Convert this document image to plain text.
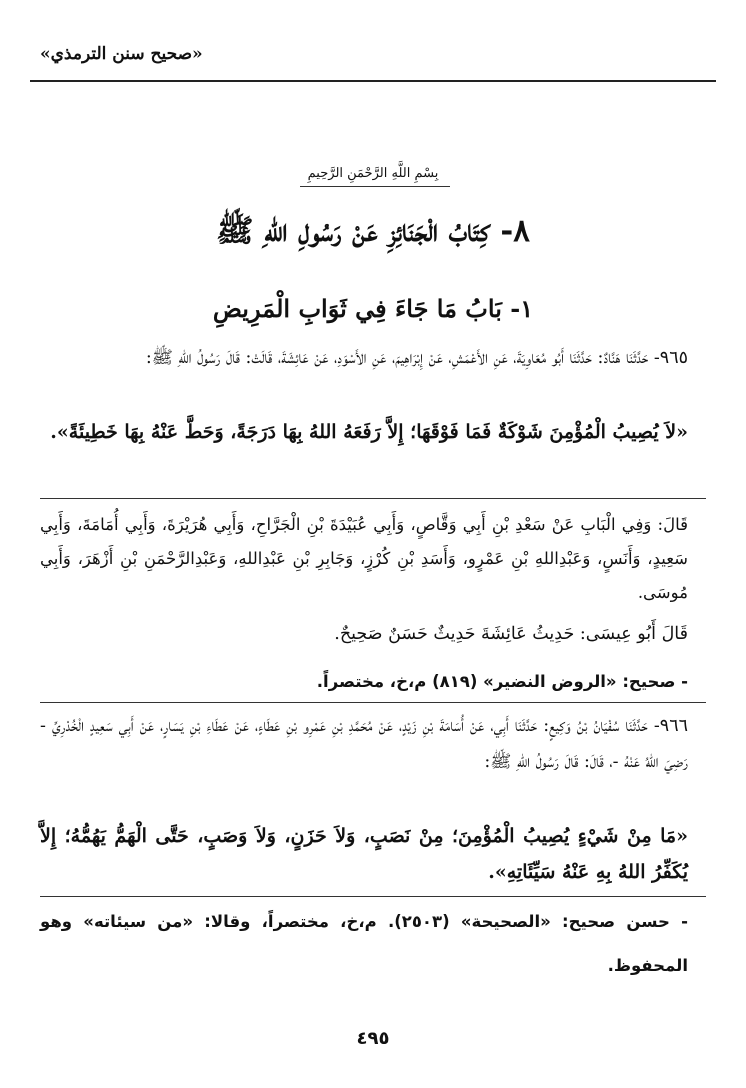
«صحيح سنن الترمذي»
بِسْمِ اللَّهِ الرَّحْمَنِ الرَّحِيمِ
٨- كِتَابُ الْجَنَائِزِ عَنْ رَسُولِ اللهِ ﷺ
١- بَابُ مَا جَاءَ فِي ثَوَابِ الْمَرِيضِ
٩٦٥- حَدَّثَنَا هَنَّادٌ: حَدَّثَنَا أَبُو مُعَاوِيَةَ، عَنِ الأَعْمَشِ، عَنْ إِبْرَاهِيمَ، عَنِ الأَسْوَدِ، عَنْ عَائِشَةَ، قَالَتْ: قَالَ رَسُولُ اللهِ ﷺ:
«لاَ يُصِيبُ الْمُؤْمِنَ شَوْكَةٌ فَمَا فَوْقَهَا؛ إِلاَّ رَفَعَهُ اللهُ بِهَا دَرَجَةً، وَحَطَّ عَنْهُ بِهَا خَطِيئَةً».
قَالَ: وَفِي الْبَابِ عَنْ سَعْدِ بْنِ أَبِي وَقَّاصٍ، وَأَبِي عُبَيْدَةَ بْنِ الْجَرَّاحِ، وَأَبِي هُرَيْرَةَ، وَأَبِي أُمَامَةَ، وَأَبِي سَعِيدٍ، وَأَنَسٍ، وَعَبْدِاللهِ بْنِ عَمْرٍو، وَأَسَدِ بْنِ كُرْزٍ، وَجَابِرِ بْنِ عَبْدِاللهِ، وَعَبْدِالرَّحْمَنِ بْنِ أَزْهَرَ، وَأَبِي مُوسَى.
قَالَ أَبُو عِيسَى: حَدِيثُ عَائِشَةَ حَدِيثٌ حَسَنٌ صَحِيحٌ.
- صحيح: «الروض النضير» (٨١٩) م،خ، مختصراً.
٩٦٦- حَدَّثَنَا سُفْيَانُ بْنُ وَكِيعٍ: حَدَّثَنَا أَبِي، عَنْ أُسَامَةَ بْنِ زَيْدٍ، عَنْ مُحَمَّدِ بْنِ عَمْرِو بْنِ عَطَاءٍ، عَنْ عَطَاءِ بْنِ يَسَارٍ، عَنْ أَبِي سَعِيدٍ الْخُدْرِيِّ - رَضِيَ اللهُ عَنْهُ -، قَالَ: قَالَ رَسُولُ اللهِ ﷺ:
«مَا مِنْ شَيْءٍ يُصِيبُ الْمُؤْمِنَ؛ مِنْ نَصَبٍ، وَلاَ حَزَنٍ، وَلاَ وَصَبٍ، حَتَّى الْهَمُّ يَهُمُّهُ؛ إِلاَّ يُكَفِّرُ اللهُ بِهِ عَنْهُ سَيِّئَاتِهِ».
- حسن صحيح: «الصحيحة» (٢٥٠٣). م،خ، مختصراً، وقالا: «من سيئاته» وهو المحفوظ.
٤٩٥
